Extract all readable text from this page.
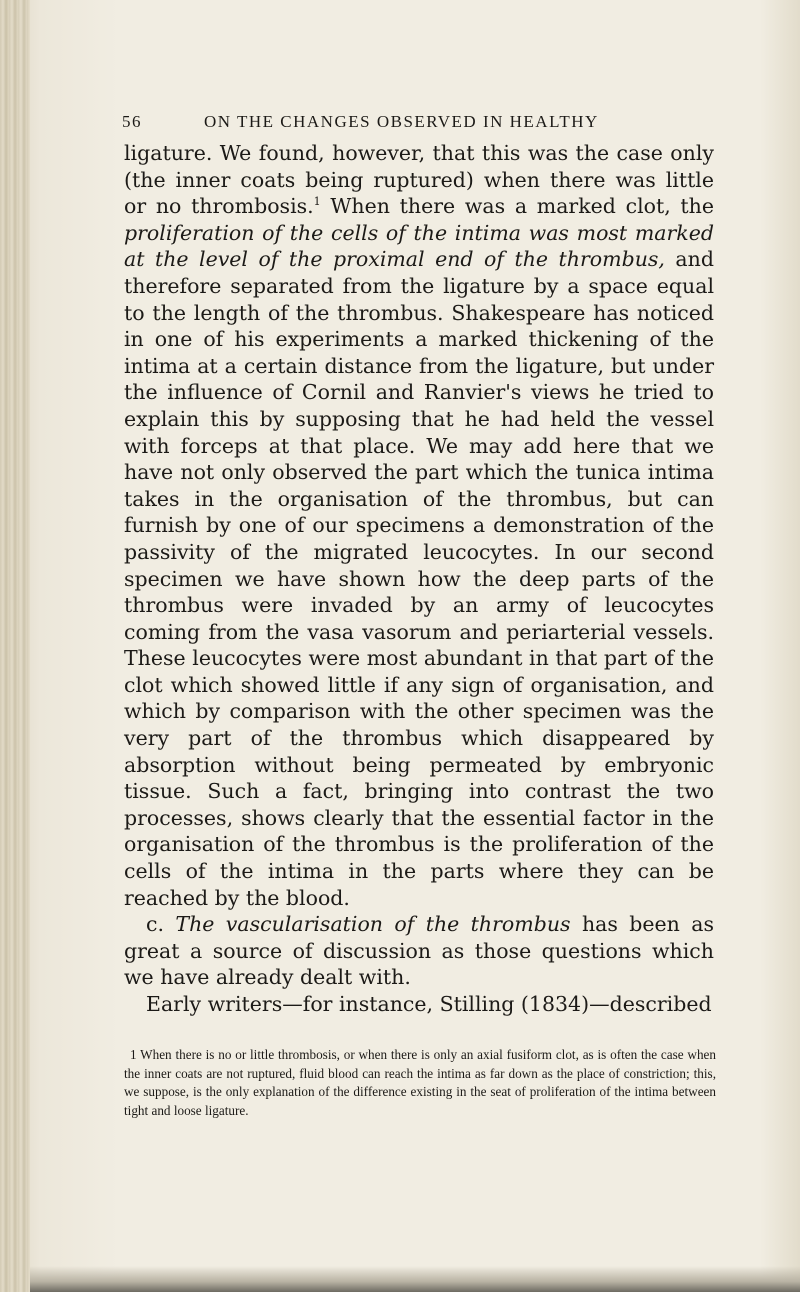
56	ON THE CHANGES OBSERVED IN HEALTHY

ligature. We found, however, that this was the case only (the inner coats being ruptured) when there was little or no thrombosis.$^1$ When there was a marked clot, the proliferation of the cells of the intima was most marked at the level of the proximal end of the thrombus, and therefore separated from the ligature by a space equal to the length of the thrombus. Shakespeare has noticed in one of his experiments a marked thickening of the intima at a certain distance from the ligature, but under the influence of Cornil and Ranvier's views he tried to explain this by supposing that he had held the vessel with forceps at that place. We may add here that we have not only observed the part which the tunica intima takes in the organisation of the thrombus, but can furnish by one of our specimens a demonstration of the passivity of the migrated leucocytes. In our second specimen we have shown how the deep parts of the thrombus were invaded by an army of leucocytes coming from the vasa vasorum and periarterial vessels. These leucocytes were most abundant in that part of the clot which showed little if any sign of organisation, and which by comparison with the other specimen was the very part of the thrombus which disappeared by absorption without being permeated by embryonic tissue. Such a fact, bringing into contrast the two processes, shows clearly that the essential factor in the organisation of the thrombus is the proliferation of the cells of the intima in the parts where they can be reached by the blood.

c. The vascularisation of the thrombus has been as great a source of discussion as those questions which we have already dealt with.

Early writers—for instance, Stilling (1834)—described

1 When there is no or little thrombosis, or when there is only an axial fusiform clot, as is often the case when the inner coats are not ruptured, fluid blood can reach the intima as far down as the place of constriction; this, we suppose, is the only explanation of the difference existing in the seat of proliferation of the intima between tight and loose ligature.
